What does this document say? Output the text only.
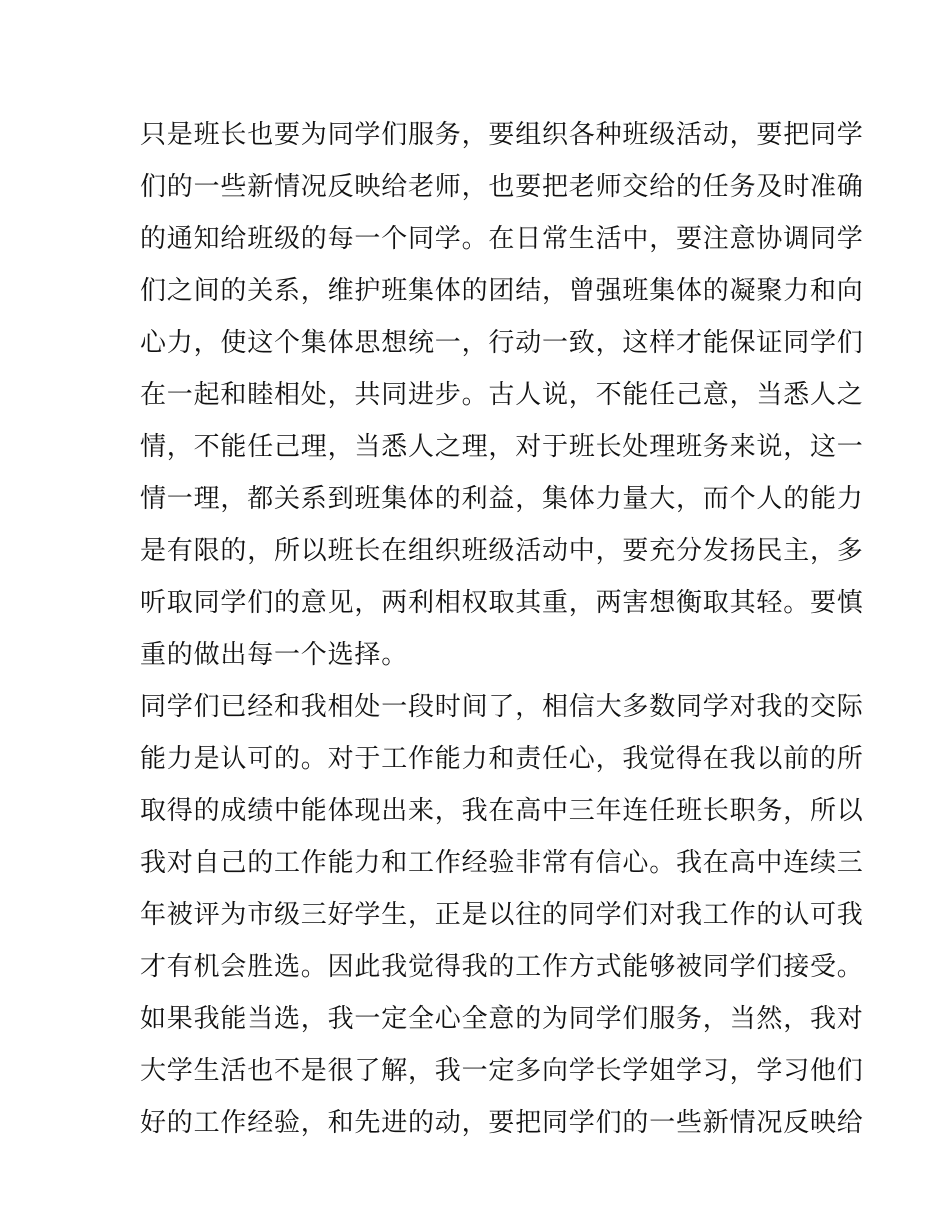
只是班长也要为同学们服务，要组织各种班级活动，要把同学
们的一些新情况反映给老师，也要把老师交给的任务及时准确
的通知给班级的每一个同学。在日常生活中，要注意协调同学
们之间的关系，维护班集体的团结，曾强班集体的凝聚力和向
心力，使这个集体思想统一，行动一致，这样才能保证同学们
在一起和睦相处，共同进步。古人说，不能任己意，当悉人之
情，不能任己理，当悉人之理，对于班长处理班务来说，这一
情一理，都关系到班集体的利益，集体力量大，而个人的能力
是有限的，所以班长在组织班级活动中，要充分发扬民主，多
听取同学们的意见，两利相权取其重，两害想衡取其轻。要慎
重的做出每一个选择。
同学们已经和我相处一段时间了，相信大多数同学对我的交际
能力是认可的。对于工作能力和责任心，我觉得在我以前的所
取得的成绩中能体现出来，我在高中三年连任班长职务，所以
我对自己的工作能力和工作经验非常有信心。我在高中连续三
年被评为市级三好学生，正是以往的同学们对我工作的认可我
才有机会胜选。因此我觉得我的工作方式能够被同学们接受。
如果我能当选，我一定全心全意的为同学们服务，当然，我对
大学生活也不是很了解，我一定多向学长学姐学习，学习他们
好的工作经验，和先进的动，要把同学们的一些新情况反映给
